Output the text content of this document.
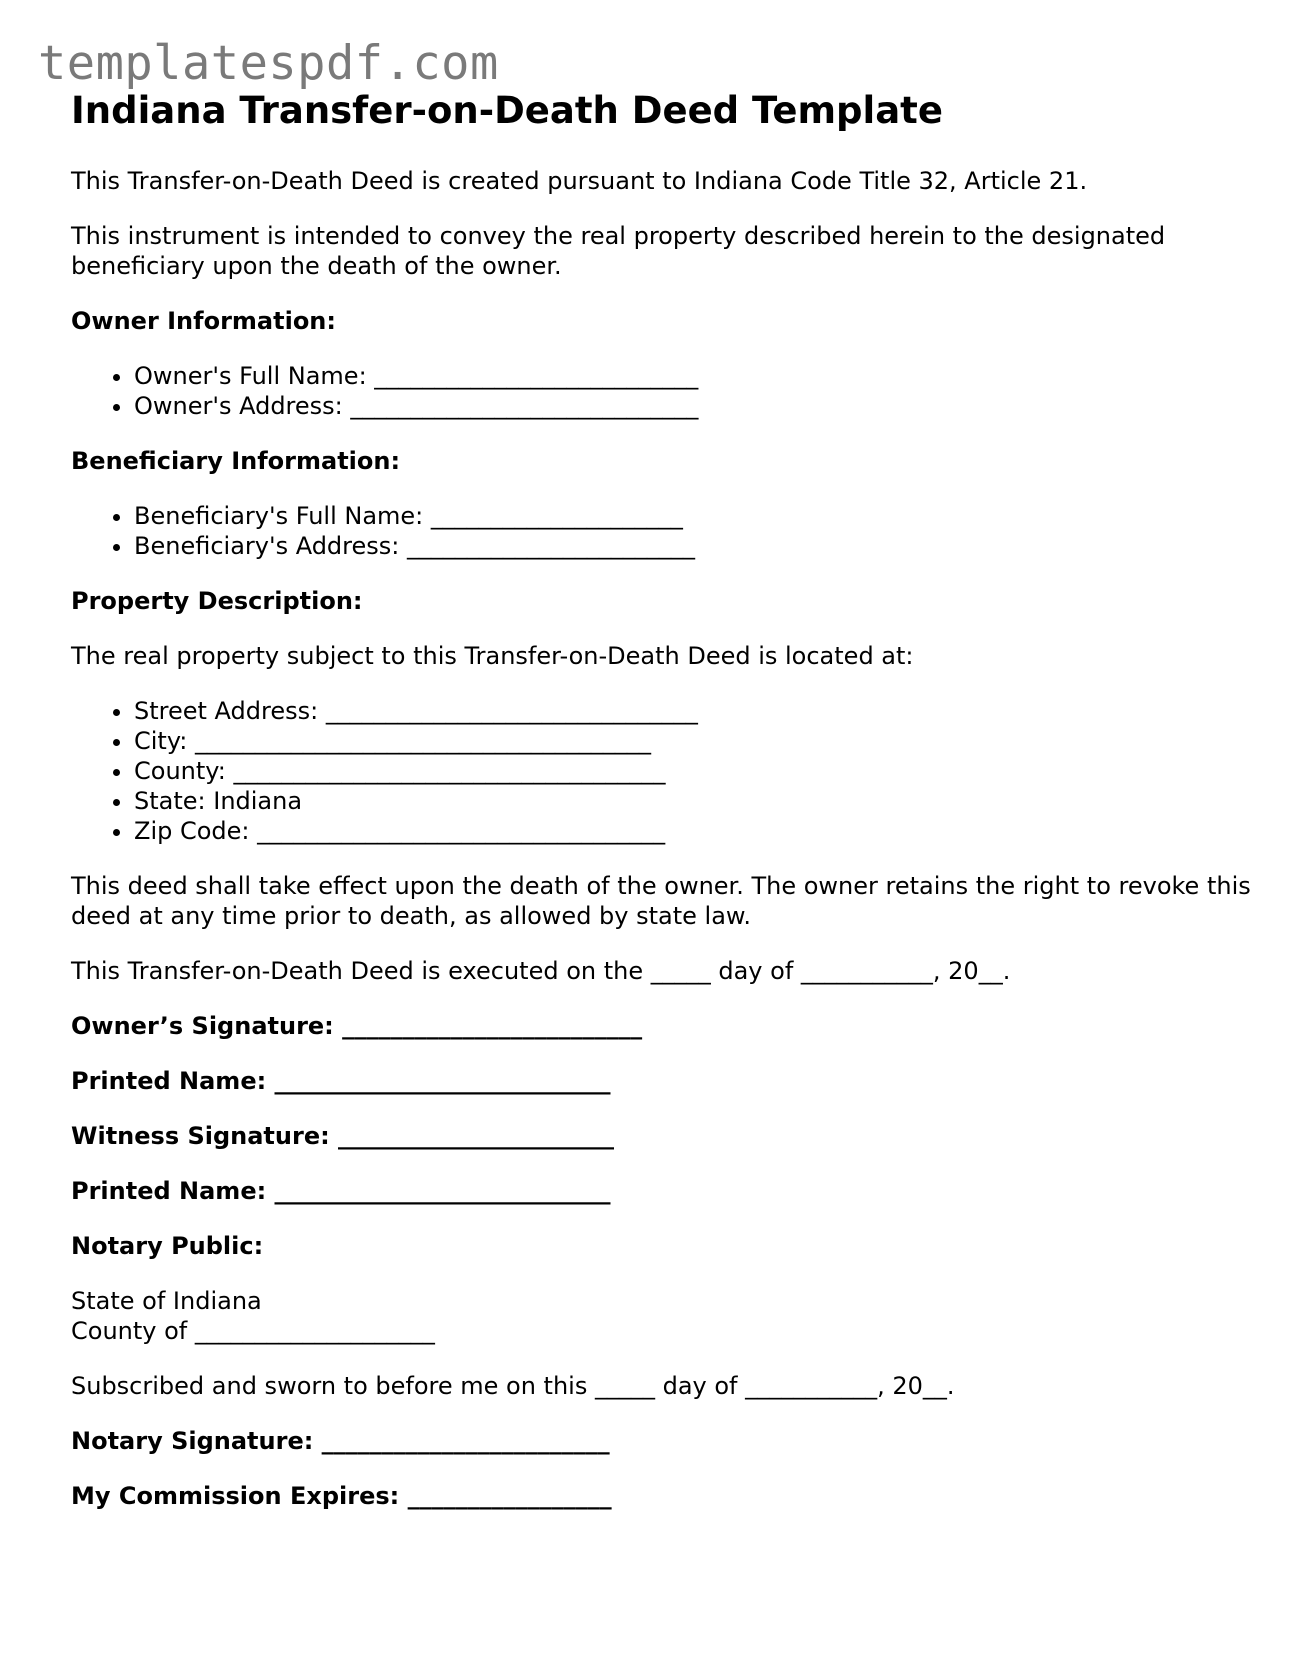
templatespdf.com
Indiana Transfer-on-Death Deed Template

This Transfer-on-Death Deed is created pursuant to Indiana Code Title 32, Article 21.

This instrument is intended to convey the real property described herein to the designated beneficiary upon the death of the owner.

Owner Information:

• Owner's Full Name: ___________________________
• Owner's Address: _____________________________

Beneficiary Information:

• Beneficiary's Full Name: _____________________
• Beneficiary's Address: ________________________

Property Description:

The real property subject to this Transfer-on-Death Deed is located at:

• Street Address: _______________________________
• City: ______________________________________
• County: ____________________________________
• State: Indiana
• Zip Code: __________________________________

This deed shall take effect upon the death of the owner. The owner retains the right to revoke this deed at any time prior to death, as allowed by state law.

This Transfer-on-Death Deed is executed on the _____ day of ___________, 20__.

Owner’s Signature: _________________________

Printed Name: ____________________________

Witness Signature: _______________________

Printed Name: ____________________________

Notary Public:

State of Indiana

County of ____________________

Subscribed and sworn to before me on this _____ day of ___________, 20__.

Notary Signature: ________________________

My Commission Expires: _________________
